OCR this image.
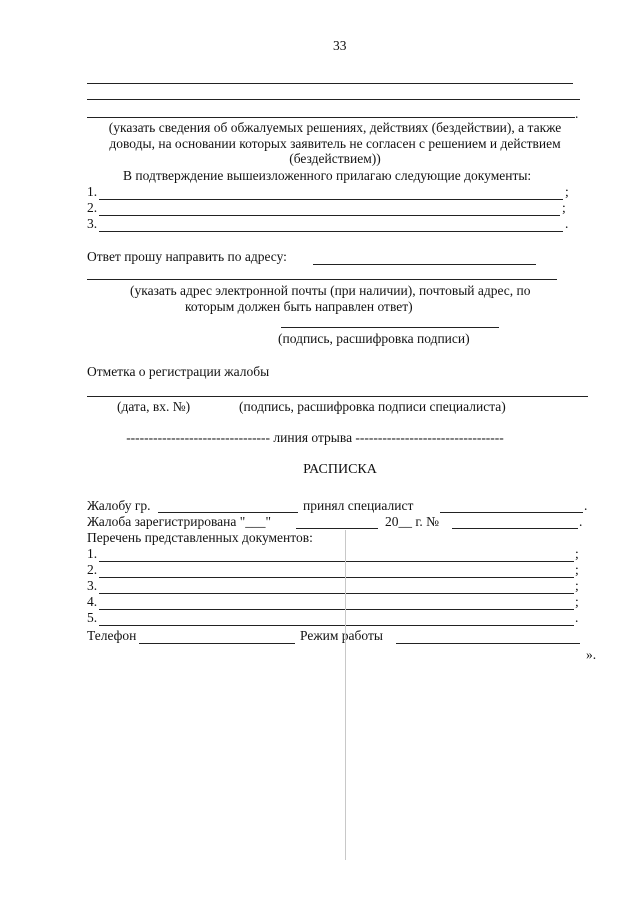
33
.
(указать сведения об обжалуемых решениях, действиях (бездействии), а также
доводы, на основании которых заявитель не согласен с решением и действием
(бездействием))
В подтверждение вышеизложенного прилагаю следующие документы:
1.	;
2.	;
3.	.
Ответ прошу направить по адресу:
(указать адрес электронной почты (при наличии), почтовый адрес, по
которым должен быть направлен ответ)
(подпись, расшифровка подписи)
Отметка о регистрации жалобы
(дата, вх. №)	(подпись, расшифровка подписи специалиста)
-------------------------------- линия отрыва ---------------------------------
РАСПИСКА
Жалобу гр.	принял специалист	.
Жалоба зарегистрирована "___"	20__ г. №	.
Перечень представленных документов:
1.	;
2.	;
3.	;
4.	;
5.	.
Телефон	Режим работы
».
